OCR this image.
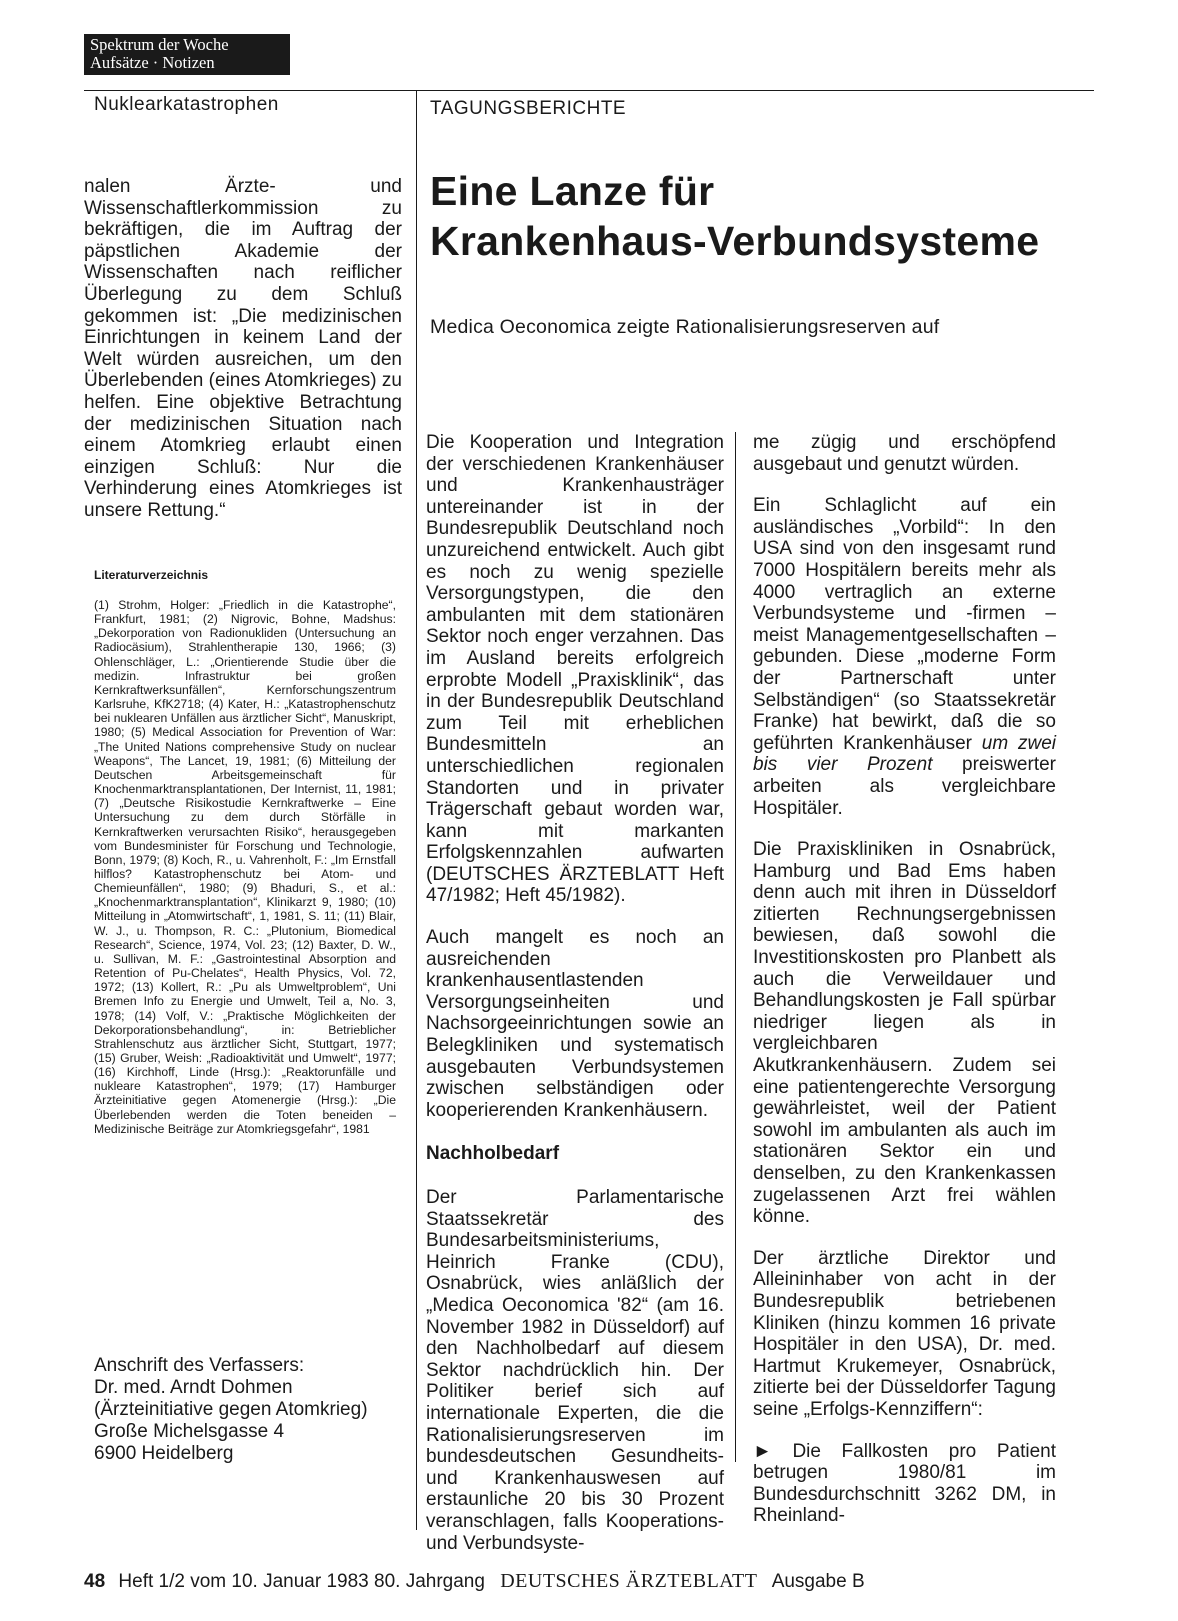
Spektrum der Woche
Aufsätze · Notizen
Nuklearkatastrophen	TAGUNGSBERICHTE
Eine Lanze für
Krankenhaus-Verbundsysteme
Medica Oeconomica zeigte Rationalisierungsreserven auf

nalen Ärzte- und Wissenschaftlerkommission zu bekräftigen, die im Auftrag der päpstlichen Akademie der Wissenschaften nach reiflicher Überlegung zu dem Schluß gekommen ist: „Die medizinischen Einrichtungen in keinem Land der Welt würden ausreichen, um den Überlebenden (eines Atomkrieges) zu helfen. Eine objektive Betrachtung der medizinischen Situation nach einem Atomkrieg erlaubt einen einzigen Schluß: Nur die Verhinderung eines Atomkrieges ist unsere Rettung.“

Literaturverzeichnis
(1) Strohm, Holger: „Friedlich in die Katastrophe“, Frankfurt, 1981; (2) Nigrovic, Bohne, Madshus: „Dekorporation von Radionukliden (Untersuchung an Radiocäsium), Strahlentherapie 130, 1966; (3) Ohlenschläger, L.: „Orientierende Studie über die medizin. Infrastruktur bei großen Kernkraftwerksunfällen“, Kernforschungszentrum Karlsruhe, KfK2718; (4) Kater, H.: „Katastrophenschutz bei nuklearen Unfällen aus ärztlicher Sicht“, Manuskript, 1980; (5) Medical Association for Prevention of War: „The United Nations comprehensive Study on nuclear Weapons“, The Lancet, 19, 1981; (6) Mitteilung der Deutschen Arbeitsgemeinschaft für Knochenmarktransplantationen, Der Internist, 11, 1981; (7) „Deutsche Risikostudie Kernkraftwerke – Eine Untersuchung zu dem durch Störfälle in Kernkraftwerken verursachten Risiko“, herausgegeben vom Bundesminister für Forschung und Technologie, Bonn, 1979; (8) Koch, R., u. Vahrenholt, F.: „Im Ernstfall hilflos? Katastrophenschutz bei Atom- und Chemieunfällen“, 1980; (9) Bhaduri, S., et al.: „Knochenmarktransplantation“, Klinikarzt 9, 1980; (10) Mitteilung in „Atomwirtschaft“, 1, 1981, S. 11; (11) Blair, W. J., u. Thompson, R. C.: „Plutonium, Biomedical Research“, Science, 1974, Vol. 23; (12) Baxter, D. W., u. Sullivan, M. F.: „Gastrointestinal Absorption and Retention of Pu-Chelates“, Health Physics, Vol. 72, 1972; (13) Kollert, R.: „Pu als Umweltproblem“, Uni Bremen Info zu Energie und Umwelt, Teil a, No. 3, 1978; (14) Volf, V.: „Praktische Möglichkeiten der Dekorporationsbehandlung“, in: Betrieblicher Strahlenschutz aus ärztlicher Sicht, Stuttgart, 1977; (15) Gruber, Weish: „Radioaktivität und Umwelt“, 1977; (16) Kirchhoff, Linde (Hrsg.): „Reaktorunfälle und nukleare Katastrophen“, 1979; (17) Hamburger Ärzteinitiative gegen Atomenergie (Hrsg.): „Die Überlebenden werden die Toten beneiden – Medizinische Beiträge zur Atomkriegsgefahr“, 1981
Anschrift des Verfassers:
Dr. med. Arndt Dohmen
(Ärzteinitiative gegen Atomkrieg)
Große Michelsgasse 4
6900 Heidelberg

Die Kooperation und Integration der verschiedenen Krankenhäuser und Krankenhausträger untereinander ist in der Bundesrepublik Deutschland noch unzureichend entwickelt. Auch gibt es noch zu wenig spezielle Versorgungstypen, die den ambulanten mit dem stationären Sektor noch enger verzahnen. Das im Ausland bereits erfolgreich erprobte Modell „Praxisklinik“, das in der Bundesrepublik Deutschland zum Teil mit erheblichen Bundesmitteln an unterschiedlichen regionalen Standorten und in privater Trägerschaft gebaut worden war, kann mit markanten Erfolgskennzahlen aufwarten (DEUTSCHES ÄRZTEBLATT Heft 47/1982; Heft 45/1982).

Auch mangelt es noch an ausreichenden krankenhausentlastenden Versorgungseinheiten und Nachsorgeeinrichtungen sowie an Belegkliniken und systematisch ausgebauten Verbundsystemen zwischen selbständigen oder kooperierenden Krankenhäusern.

Nachholbedarf

Der Parlamentarische Staatssekretär des Bundesarbeitsministeriums, Heinrich Franke (CDU), Osnabrück, wies anläßlich der „Medica Oeconomica '82“ (am 16. November 1982 in Düsseldorf) auf den Nachholbedarf auf diesem Sektor nachdrücklich hin. Der Politiker berief sich auf internationale Experten, die die Rationalisierungsreserven im bundesdeutschen Gesundheits- und Krankenhauswesen auf erstaunliche 20 bis 30 Prozent veranschlagen, falls Kooperations- und Verbundsyste-

me zügig und erschöpfend ausgebaut und genutzt würden.

Ein Schlaglicht auf ein ausländisches „Vorbild“: In den USA sind von den insgesamt rund 7000 Hospitälern bereits mehr als 4000 vertraglich an externe Verbundsysteme und -firmen – meist Managementgesellschaften – gebunden. Diese „moderne Form der Partnerschaft unter Selbständigen“ (so Staatssekretär Franke) hat bewirkt, daß die so geführten Krankenhäuser um zwei bis vier Prozent preiswerter arbeiten als vergleichbare Hospitäler.

Die Praxiskliniken in Osnabrück, Hamburg und Bad Ems haben denn auch mit ihren in Düsseldorf zitierten Rechnungsergebnissen bewiesen, daß sowohl die Investitionskosten pro Planbett als auch die Verweildauer und Behandlungskosten je Fall spürbar niedriger liegen als in vergleichbaren Akutkrankenhäusern. Zudem sei eine patientengerechte Versorgung gewährleistet, weil der Patient sowohl im ambulanten als auch im stationären Sektor ein und denselben, zu den Krankenkassen zugelassenen Arzt frei wählen könne.

Der ärztliche Direktor und Alleininhaber von acht in der Bundesrepublik betriebenen Kliniken (hinzu kommen 16 private Hospitäler in den USA), Dr. med. Hartmut Krukemeyer, Osnabrück, zitierte bei der Düsseldorfer Tagung seine „Erfolgs-Kennziffern“:

► Die Fallkosten pro Patient betrugen 1980/81 im Bundesdurchschnitt 3262 DM, in Rheinland-

48 Heft 1/2 vom 10. Januar 1983 80. Jahrgang DEUTSCHES ÄRZTEBLATT Ausgabe B
